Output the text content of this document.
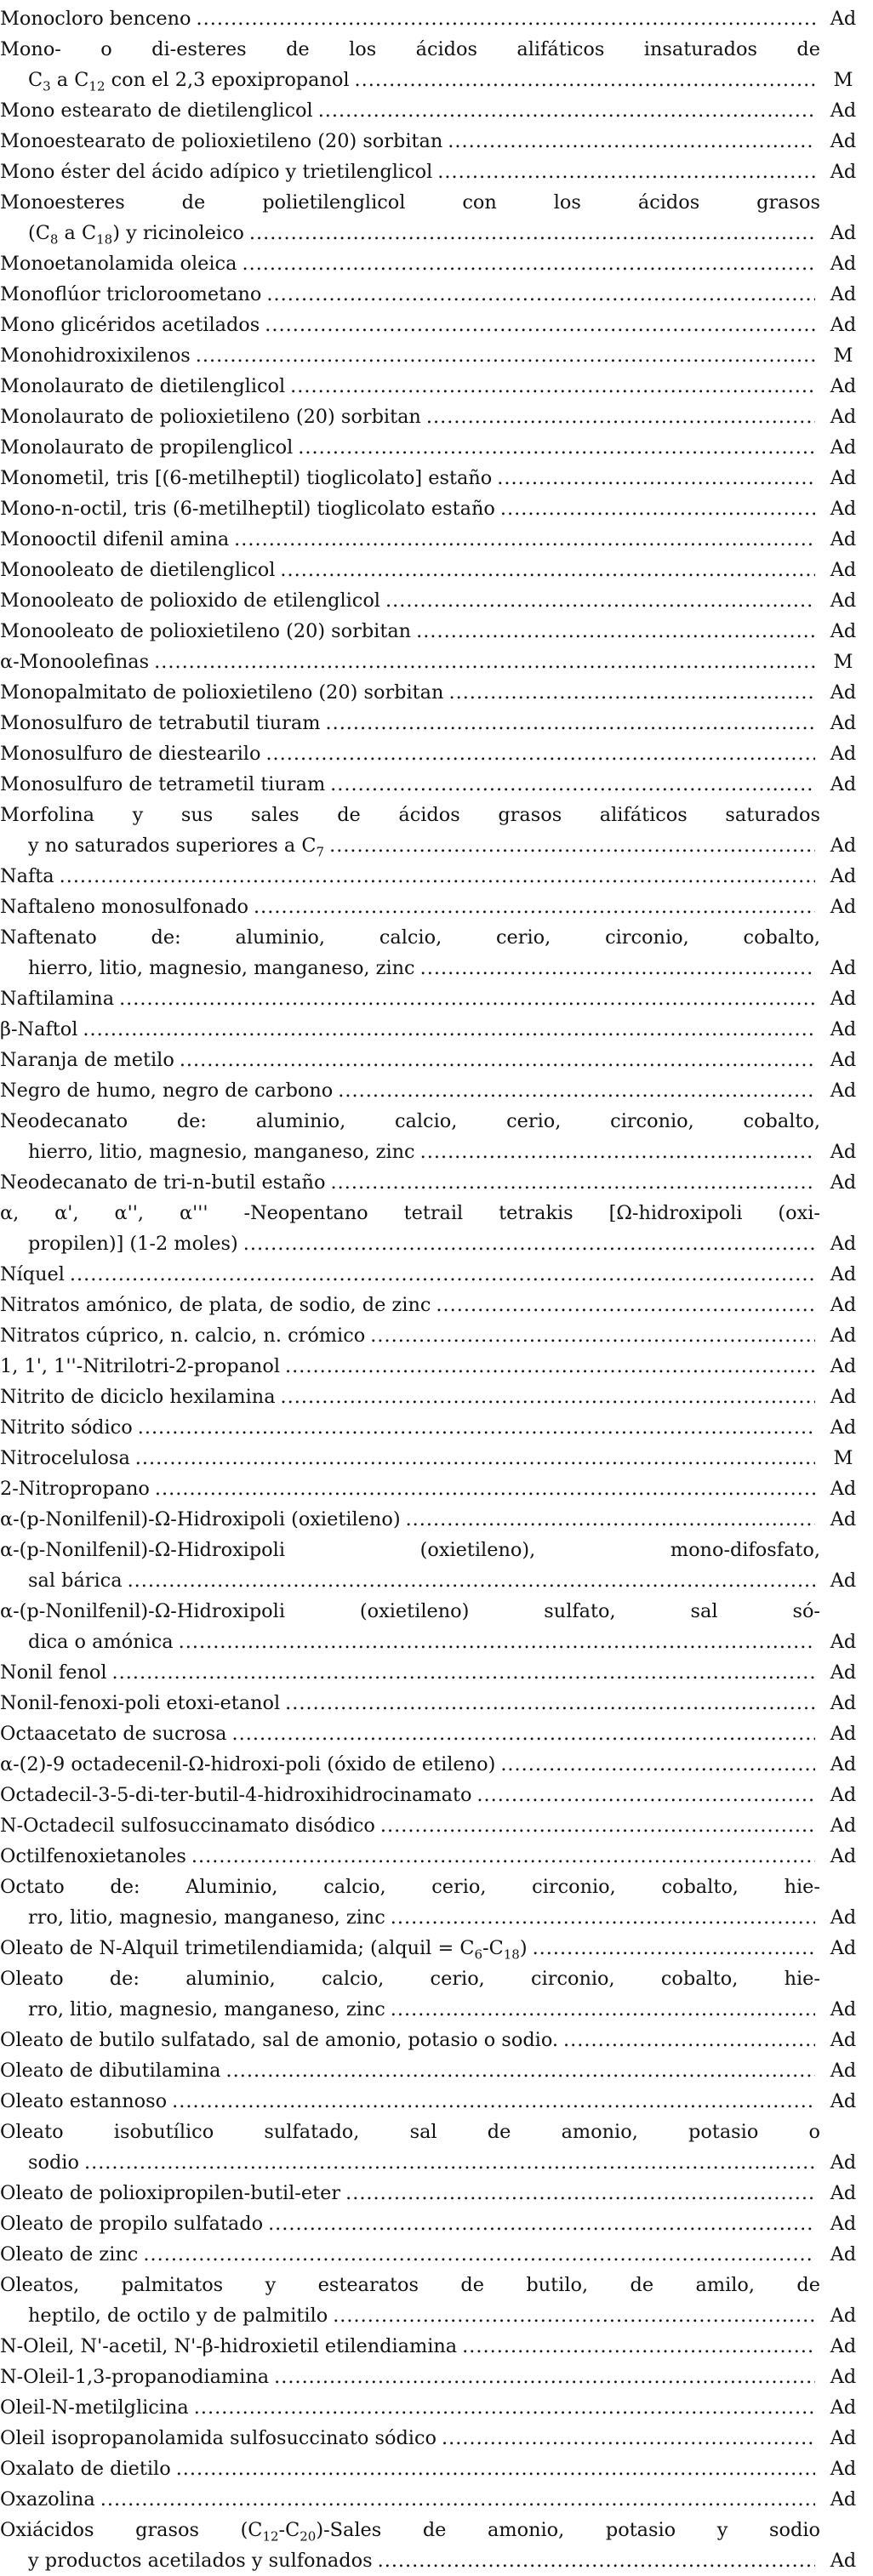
Monocloro benceno .....	Ad
Mono- o di-esteres de los ácidos alifáticos insaturados de
$C_3$ a $C_{12}$ con el 2,3 epoxipropanol .....	M
Mono estearato de dietilenglicol .....	Ad
Monoestearato de polioxietileno (20) sorbitan .....	Ad
Mono éster del ácido adípico y trietilenglicol .....	Ad
Monoesteres de polietilenglicol con los ácidos grasos
($C_8$ a $C_{18}$) y ricinoleico .....	Ad
Monoetanolamida oleica .....	Ad
Monoflúor tricloroometano .....	Ad
Mono glicéridos acetilados .....	Ad
Monohidroxixilenos .....	M
Monolaurato de dietilenglicol .....	Ad
Monolaurato de polioxietileno (20) sorbitan .....	Ad
Monolaurato de propilenglicol .....	Ad
Monometil, tris [(6-metilheptil) tioglicolato] estaño .....	Ad
Mono-n-octil, tris (6-metilheptil) tioglicolato estaño .....	Ad
Monooctil difenil amina .....	Ad
Monooleato de dietilenglicol .....	Ad
Monooleato de polioxido de etilenglicol .....	Ad
Monooleato de polioxietileno (20) sorbitan .....	Ad
α-Monoolefinas .....	M
Monopalmitato de polioxietileno (20) sorbitan .....	Ad
Monosulfuro de tetrabutil tiuram .....	Ad
Monosulfuro de diestearilo .....	Ad
Monosulfuro de tetrametil tiuram .....	Ad
Morfolina y sus sales de ácidos grasos alifáticos saturados
y no saturados superiores a $C_7$ .....	Ad
Nafta .....	Ad
Naftaleno monosulfonado .....	Ad
Naftenato de: aluminio, calcio, cerio, circonio, cobalto,
hierro, litio, magnesio, manganeso, zinc .....	Ad
Naftilamina .....	Ad
β-Naftol .....	Ad
Naranja de metilo .....	Ad
Negro de humo, negro de carbono .....	Ad
Neodecanato de: aluminio, calcio, cerio, circonio, cobalto,
hierro, litio, magnesio, manganeso, zinc .....	Ad
Neodecanato de tri-n-butil estaño .....	Ad
α, α', α'', α''' -Neopentano tetrail tetrakis [Ω-hidroxipoli (oxi-
propilen)] (1-2 moles) .....	Ad
Níquel .....	Ad
Nitratos amónico, de plata, de sodio, de zinc .....	Ad
Nitratos cúprico, n. calcio, n. crómico .....	Ad
1, 1', 1''-Nitrilotri-2-propanol .....	Ad
Nitrito de diciclo hexilamina .....	Ad
Nitrito sódico .....	Ad
Nitrocelulosa .....	M
2-Nitropropano .....	Ad
α-(p-Nonilfenil)-Ω-Hidroxipoli (oxietileno) .....	Ad
α-(p-Nonilfenil)-Ω-Hidroxipoli (oxietileno), mono-difosfato,
sal bárica .....	Ad
α-(p-Nonilfenil)-Ω-Hidroxipoli (oxietileno) sulfato, sal só-
dica o amónica .....	Ad
Nonil fenol .....	Ad
Nonil-fenoxi-poli etoxi-etanol .....	Ad
Octaacetato de sucrosa .....	Ad
α-(2)-9 octadecenil-Ω-hidroxi-poli (óxido de etileno) .....	Ad
Octadecil-3-5-di-ter-butil-4-hidroxihidrocinamato .....	Ad
N-Octadecil sulfosuccinamato disódico .....	Ad
Octilfenoxietanoles .....	Ad
Octato de: Aluminio, calcio, cerio, circonio, cobalto, hie-
rro, litio, magnesio, manganeso, zinc .....	Ad
Oleato de N-Alquil trimetilendiamida; (alquil = $C_6-C_{18}$) .....	Ad
Oleato de: aluminio, calcio, cerio, circonio, cobalto, hie-
rro, litio, magnesio, manganeso, zinc .....	Ad
Oleato de butilo sulfatado, sal de amonio, potasio o sodio. .....	Ad
Oleato de dibutilamina .....	Ad
Oleato estannoso .....	Ad
Oleato isobutílico sulfatado, sal de amonio, potasio o
sodio .....	Ad
Oleato de polioxipropilen-butil-eter .....	Ad
Oleato de propilo sulfatado .....	Ad
Oleato de zinc .....	Ad
Oleatos, palmitatos y estearatos de butilo, de amilo, de
heptilo, de octilo y de palmitilo .....	Ad
N-Oleil, N'-acetil, N'-β-hidroxietil etilendiamina .....	Ad
N-Oleil-1,3-propanodiamina .....	Ad
Oleil-N-metilglicina .....	Ad
Oleil isopropanolamida sulfosuccinato sódico .....	Ad
Oxalato de dietilo .....	Ad
Oxazolina .....	Ad
Oxiácidos grasos $(C_{12}-C_{20})$-Sales de amonio, potasio y sodio
y productos acetilados y sulfonados .....	Ad
